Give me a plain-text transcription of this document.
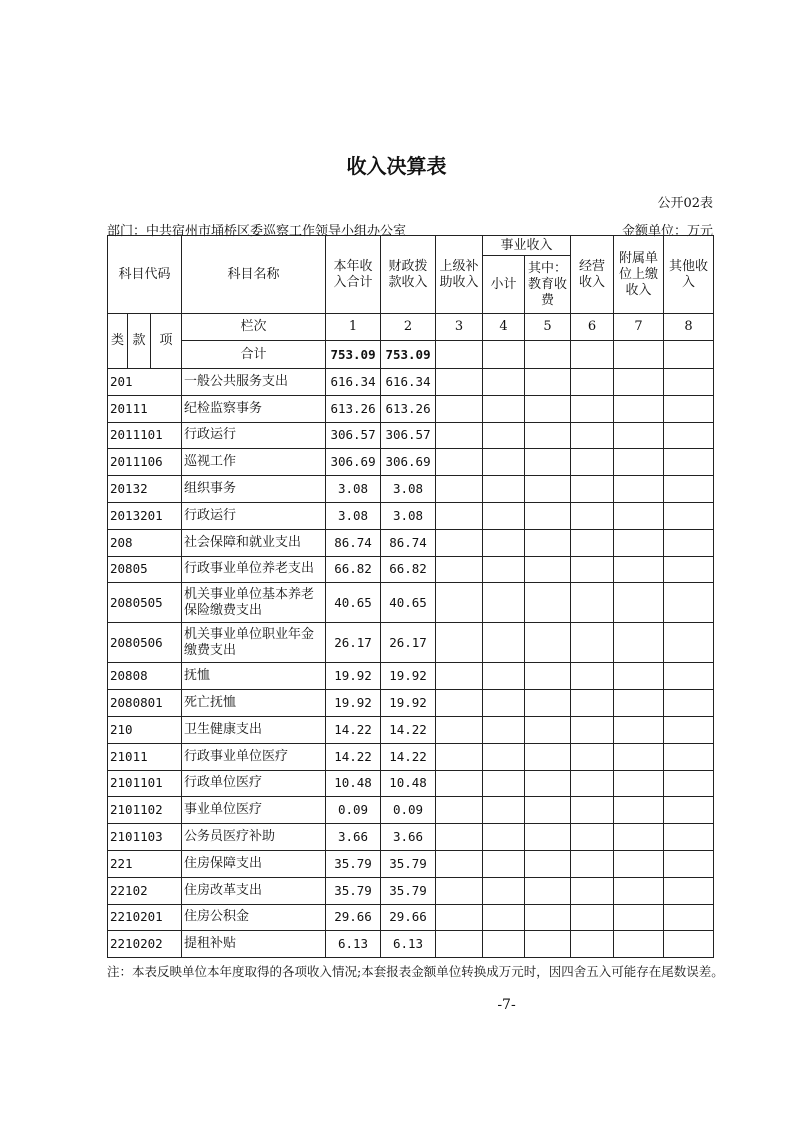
收入决算表
公开02表
部门：中共宿州市埇桥区委巡察工作领导小组办公室	金额单位：万元
科目代码			科目名称	本年收入合计	财政拨款收入	上级补助收入	事业收入		经营收入	附属单位上缴收入	其他收入
							小计	其中：教育收费			
类	款	项	栏次	1	2	3	4	5	6	7	8
			合计	753.09	753.09						
201			一般公共服务支出	616.34	616.34						
20111			纪检监察事务	613.26	613.26						
2011101			行政运行	306.57	306.57						
2011106			巡视工作	306.69	306.69						
20132			组织事务	3.08	3.08						
2013201			行政运行	3.08	3.08						
208			社会保障和就业支出	86.74	86.74						
20805			行政事业单位养老支出	66.82	66.82						
2080505			机关事业单位基本养老保险缴费支出	40.65	40.65						
2080506			机关事业单位职业年金缴费支出	26.17	26.17						
20808			抚恤	19.92	19.92						
2080801			死亡抚恤	19.92	19.92						
210			卫生健康支出	14.22	14.22						
21011			行政事业单位医疗	14.22	14.22						
2101101			行政单位医疗	10.48	10.48						
2101102			事业单位医疗	0.09	0.09						
2101103			公务员医疗补助	3.66	3.66						
221			住房保障支出	35.79	35.79						
22102			住房改革支出	35.79	35.79						
2210201			住房公积金	29.66	29.66						
2210202			提租补贴	6.13	6.13						
注：本表反映单位本年度取得的各项收入情况;本套报表金额单位转换成万元时，因四舍五入可能存在尾数误差。
-7-
